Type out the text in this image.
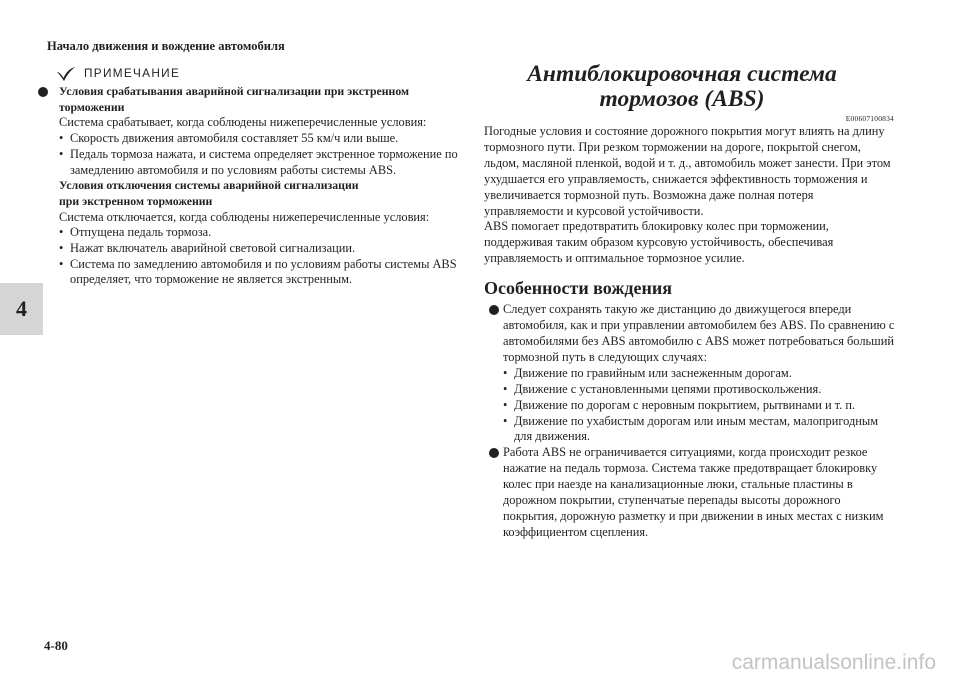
Начало движения и вождение автомобиля
4
ПРИМЕЧАНИЕ
Условия срабатывания аварийной сигнализации при экстренном торможении

Система срабатывает, когда соблюдены нижеперечисленные условия:

• Скорость движения автомобиля составляет 55 км/ч или выше.
• Педаль тормоза нажата, и система определяет экстренное торможение по замедлению автомобиля и по условиям работы системы ABS.
Условия отключения системы аварийной сигнализации
при экстренном торможении

Система отключается, когда соблюдены нижеперечисленные условия:

• Отпущена педаль тормоза.
• Нажат включатель аварийной световой сигнализации.
• Система по замедлению автомобиля и по условиям работы системы ABS определяет, что торможение не является экстренным.
Антиблокировочная система
тормозов (ABS)
E00607100834

Погодные условия и состояние дорожного покрытия могут влиять на длину тормозного пути. При резком торможении на дороге, покрытой снегом, льдом, масляной пленкой, водой и т. д., автомобиль может занести. При этом ухудшается его управляемость, снижается эффективность торможения и увеличивается тормозной путь. Возможна даже полная потеря управляемости и курсовой устойчивости.

ABS помогает предотвратить блокировку колес при торможении, поддерживая таким образом курсовую устойчивость, обеспечивая управляемость и оптимальное тормозное усилие.

Особенности вождения
Следует сохранять такую же дистанцию до движущегося впереди автомобиля, как и при управлении автомобилем без ABS. По сравнению с автомобилями без ABS автомобилю с ABS может потребоваться больший тормозной путь в следующих случаях:
• Движение по гравийным или заснеженным дорогам.
• Движение с установленными цепями противоскольжения.
• Движение по дорогам с неровным покрытием, рытвинами и т. п.
• Движение по ухабистым дорогам или иным местам, малопригодным для движения.
Работа ABS не ограничивается ситуациями, когда происходит резкое нажатие на педаль тормоза. Система также предотвращает блокировку колес при наезде на канализационные люки, стальные пластины в дорожном покрытии, ступенчатые перепады высоты дорожного покрытия, дорожную разметку и при движении в иных местах с низким коэффициентом сцепления.
4-80
carmanualsonline.info
